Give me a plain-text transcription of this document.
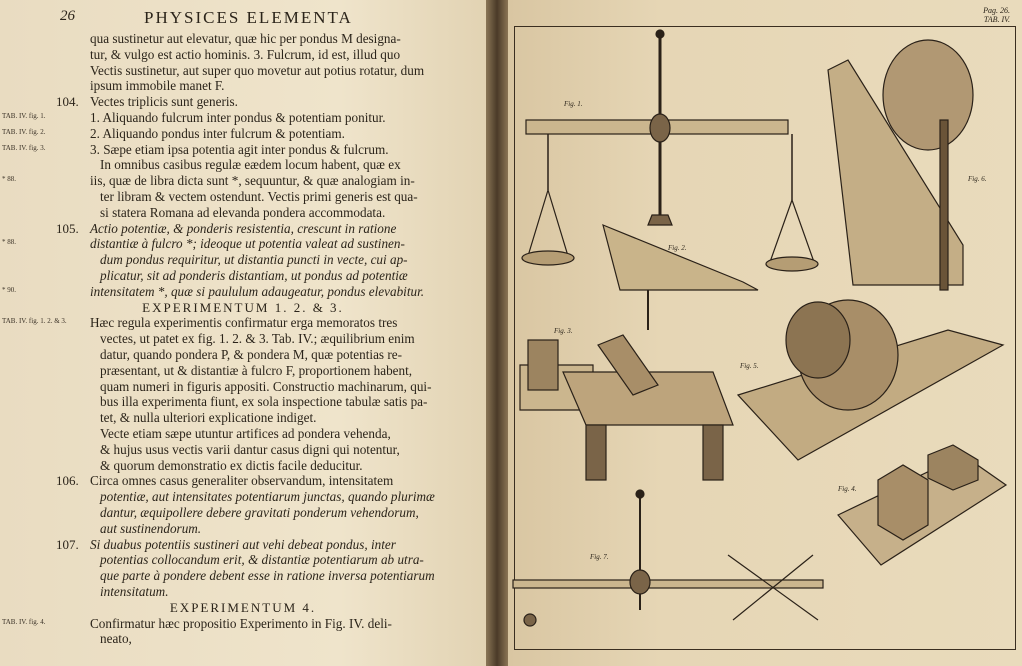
26	PHYSICES ELEMENTA
qua sustinetur aut elevatur, quæ hic per pondus M designa-
tur, & vulgo est actio hominis. 3. Fulcrum, id est, illud quo
Vectis sustinetur, aut super quo movetur aut potius rotatur, dum
ipsum immobile manet F.
104. Vectes triplicis sunt generis.
TAB. IV. fig. 1.	1. Aliquando fulcrum inter pondus & potentiam ponitur.
TAB. IV. fig. 2.	2. Aliquando pondus inter fulcrum & potentiam.
TAB. IV. fig. 3.	3. Sæpe etiam ipsa potentia agit inter pondus & fulcrum.
In omnibus casibus regulæ eædem locum habent, quæ ex
* 88.	iis, quæ de libra dicta sunt *, sequuntur, & quæ analogiam in-
ter libram & vectem ostendunt. Vectis primi generis est qua-
si statera Romana ad elevanda pondera accommodata.
105. Actio potentiæ, & ponderis resistentia, crescunt in ratione
* 88.	distantiæ à fulcro *; ideoque ut potentia valeat ad sustinen-
dum pondus requiritur, ut distantia puncti in vecte, cui ap-
plicatur, sit ad ponderis distantiam, ut pondus ad potentiæ
* 90.	intensitatem *, quæ si paululum adaugeatur, pondus elevabitur.
EXPERIMENTUM 1. 2. & 3.
TAB. IV. fig. 1. 2. & 3. Hæc regula experimentis confirmatur erga memoratos tres
vectes, ut patet ex fig. 1. 2. & 3. Tab. IV.; æquilibrium enim
datur, quando pondera P, & pondera M, quæ potentias re-
præsentant, ut & distantiæ à fulcro F, proportionem habent,
quam numeri in figuris appositi. Constructio machinarum, qui-
bus illa experimenta fiunt, ex sola inspectione tabulæ satis pa-
tet, & nulla ulteriori explicatione indiget.
Vecte etiam sæpe utuntur artifices ad pondera vehenda,
& hujus usus vectis varii dantur casus digni qui notentur,
& quorum demonstratio ex dictis facile deducitur.
106. Circa omnes casus generaliter observandum, intensitatem
potentiæ, aut intensitates potentiarum junctas, quando plurimæ
dantur, æquipollere debere gravitati ponderum vehendorum,
aut sustinendorum.
107. Si duabus potentiis sustineri aut vehi debeat pondus, inter
potentias collocandum erit, & distantiæ potentiarum ab utra-
que parte à pondere debent esse in ratione inversa potentiarum
intensitatum.
EXPERIMENTUM 4.
TAB. IV. fig. 4.	Confirmatur hæc propositio Experimento in Fig. IV. deli-
neato,
Pag. 26.
TAB. IV.
Fig. 1.
Fig. 2.
Fig. 3.
Fig. 4.
Fig. 5.
Fig. 6.
Fig. 7.
